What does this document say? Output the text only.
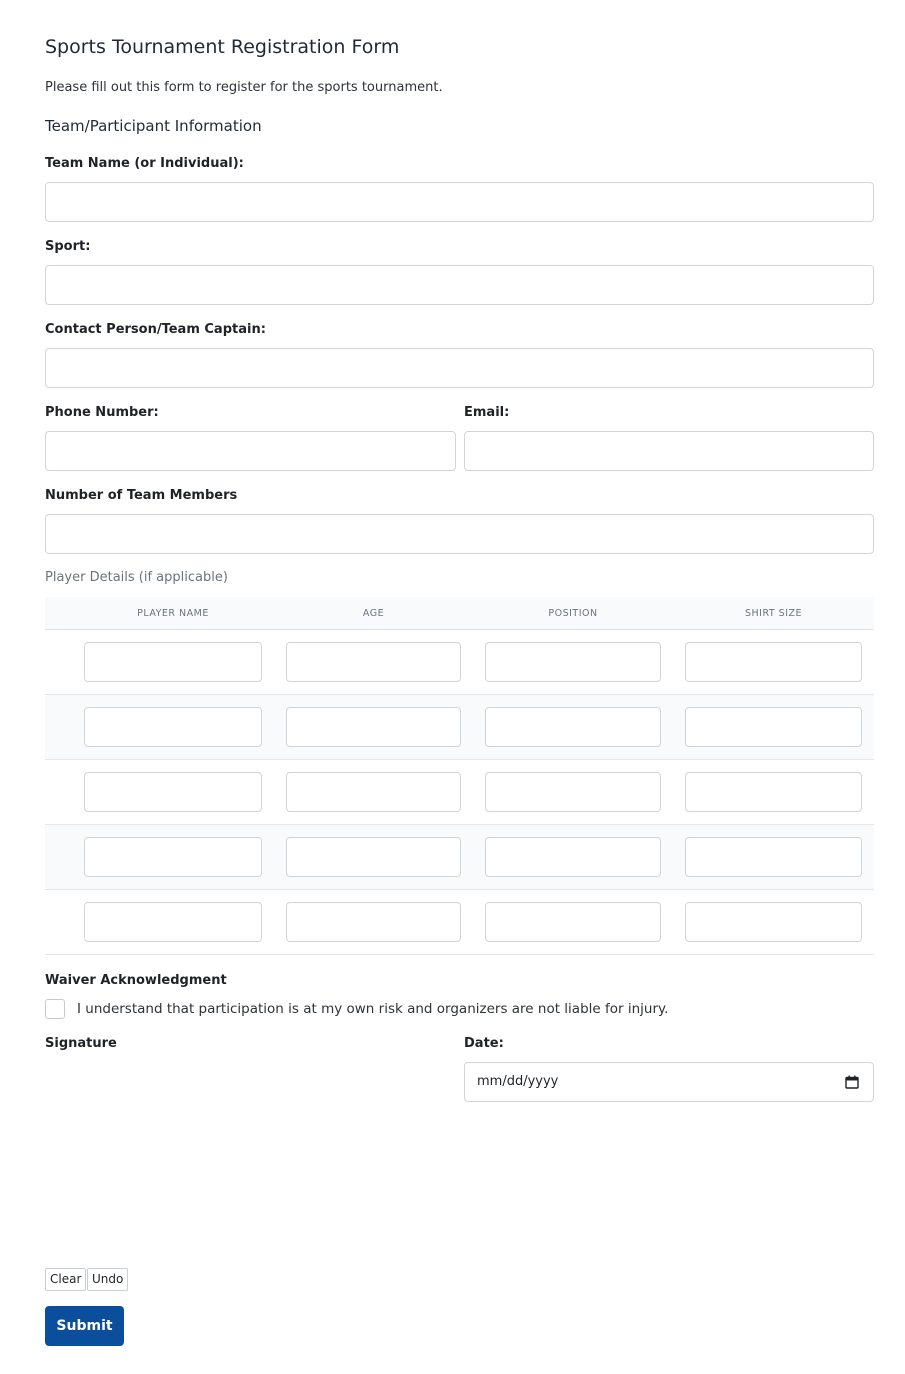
Sports Tournament Registration Form
Please fill out this form to register for the sports tournament.
Team/Participant Information
Team Name (or Individual):
Sport:
Contact Person/Team Captain:
Phone Number:	Email:
Number of Team Members
Player Details (if applicable)
PLAYER NAME	AGE	POSITION	SHIRT SIZE
Waiver Acknowledgment
I understand that participation is at my own risk and organizers are not liable for injury.
Signature	Date:
mm/dd/yyyy
Clear Undo
Submit
